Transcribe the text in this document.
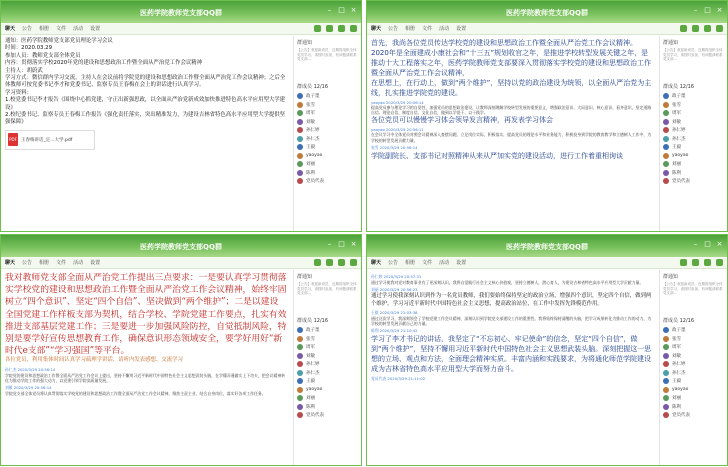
医药学院教师党支部QQ群	– □ ×
聊天 公告 相册 文件 活动 设置
通知：医药学院教师党支部党员理论学习会议
时间：2020.03.29
参加人员：教师党支部全体党员
内容：贯彻落实学校2020年党的建设和思想政治工作暨全面从严治党工作会议精神
主持人：胡蔚武
学习方式：微信群内学习交流，主持人在会议前将学院党的建设和思想政治工作暨全面从严治党工作会议精神；之后全体教师可按党委书记李才和党委书记、监察专员王春梅在会上的讲话进行认真学习。
学习资料：
1.校党委书记李才报告《围绕中心抓党建，守正出新强思政，以全面从严治党新成效加快推进特色高水平应用型大学建设》
2.校纪委书记、监察专员王春梅工作报告《强化责任落实，突出精准发力，为建设吉林省特色高水平应用型大学提供坚强保障》
PDF 王春梅讲话_定...大学.pdf
群通知
【公告】欢迎新成员，近期将组织全体党员学习，请按时参加，有问题请联系党支部...
群成员 12/16
政子墨
张雪
周军
刘敏
孙仁婷
孙仁杰
王毅
yaoyao
刘丽
陈利
党员代表
医药学院教师党支部QQ群	– □ ×
聊天 公告 相册 文件 活动 设置
首先，我尚各位党员传达学校党的建设和思想政治工作暨全面从严治党工作会议精神。2020年是全面建成小康社会和“十三五”规划收官之年，是推进学校转型发展关键之年，是推动十大工程落实之年，医药学院教师党支部要深入贯彻落实学校党的建设和思想政治工作暨全面从严治党工作会议精神，
在思想上，在行动上，做到“两个维护”，坚持以党的政治建设为统领，以全面从严治党为主线，扎实推进学院党的建设。
yaoyao 2020/3/29 20:56:14
提高党员参与理论学习的自觉性，加强党员的思想政治建设，让教师深刻理解学校转型发展的重要意义，增强政治意识、大局意识、核心意识、看齐意识，坚定道路自信、理论自信、制度自信、文化自信，做到以学促干、以干践学。
各位党员可以慢慢学习体会领导发言精神，再发表学习体会
yaoyao 2020/3/29 20:56:11
在会议学习中全体党员对照会议精神深入查摆问题，立足岗位实际，积极落实，提高党员的理论水平和业务能力，积极投身到学院的教育教学和立德树人工作中，为学校的转型发展贡献力量。
张雪 2020/3/29 20:56:14
学院副院长、支部书记对照精神从来从严加实党的建设活动，进行工作着重相询谈
群通知
【公告】欢迎新成员，近期将组织全体党员学习，请按时参加，有问题请联系党支部...
群成员 12/16
政子墨
张雪
周军
刘敏
孙仁婷
孙仁杰
王毅
yaoyao
刘丽
陈利
党员代表
医药学院教师党支部QQ群	– □ ×
聊天 公告 相册 文件 活动 设置
我对教师党支部全面从严治党工作提出三点要求：一是要认真学习贯彻落实学校党的建设和思想政治工作暨全面从严治党工作会议精神，始终牢固树立“四个意识”、坚定“四个自信”、坚决做到“两个维护”；二是以建设全国党建工作样板支部为契机，结合学校、学院党建工作要点，扎实有效推进支部基层党建工作；三是要进一步加强风险防控，自觉抵制风险，特别是要学好宣传思想教育工作，确保意识形态领域安全，要学好用好“新时代e支部”“学习强国”等平台。
各位党员，利用集体时间认真学习疏理学讲话，请听内发表感想、交流学习
孙仁杰 2020/3/29 20:56:14
学院党的建设和思想政治工作暨全面从严治党工作会议上提出，坚持不懈用习近平新时代中国特色社会主义思想武装头脑，在学懂弄通做实上下功夫，把会议精神转化为推动学院工作的强大动力，以党建引领学院高质量发展。
刘敏 2020/3/29 20:56:14
学院党支部全体党员将认真贯彻落实学校党的建设和思想政治工作暨全面从严治党工作会议精神，聚焦主责主业，结合自身岗位，落实好各项工作任务。
群通知
【公告】欢迎新成员，近期将组织全体党员学习，请按时参加，有问题请联系党支部...
群成员 12/16
政子墨
张雪
周军
刘敏
孙仁婷
孙仁杰
王毅
yaoyao
刘丽
陈利
党员代表
医药学院教师党支部QQ群	– □ ×
聊天 公告 相册 文件 活动 设置
孙仁婷 2020/3/29 20:57:31
通过学习使我对党对教育事业有了更深刻认识。我将自觉践行社会主义核心价值观，坚持立德树人，潜心育人，为建设吉林省特色高水平应用型大学贡献力量。
刘丽 2020/3/29 20:56:23
通过学习使我深刻认识到作为一名党员教师，我们要始终保持坚定的政治立场，增强四个意识，坚定四个自信，做到两个维护，学习习近平新时代中国特色社会主义思想，提高政治站位，在工作中发挥先锋模范作用。
王毅 2020/3/29 21:03:38
通过这次学习，我深刻领会了学校党建工作会议精神，深刻认识到学院党支部建设工作的重要性。我将始终保持清醒的头脑，把学习成果转化为推动工作的动力，为学校的转型发展贡献自己的力量。
陈利 2020/3/29 21:10:42
学习了李才书记的讲话，我坚定了“不忘初心、牢记使命”的信念，坚定“四个自信”，做到“两个维护”，坚持不懈用习近平新时代中国特色社会主义思想武装头脑。深刻把握这一思想的立场、观点和方法，全面理会精神实质。丰富内涵和实践要求，为将通化师范学院建设成为吉林省特色高水平应用型大学而努力奋斗。
党员代表 2020/3/29 21:11:02
群通知
【公告】欢迎新成员，近期将组织全体党员学习，请按时参加，有问题请联系党支部...
群成员 12/16
政子墨
张雪
周军
刘敏
孙仁婷
孙仁杰
王毅
yaoyao
刘丽
陈利
党员代表
